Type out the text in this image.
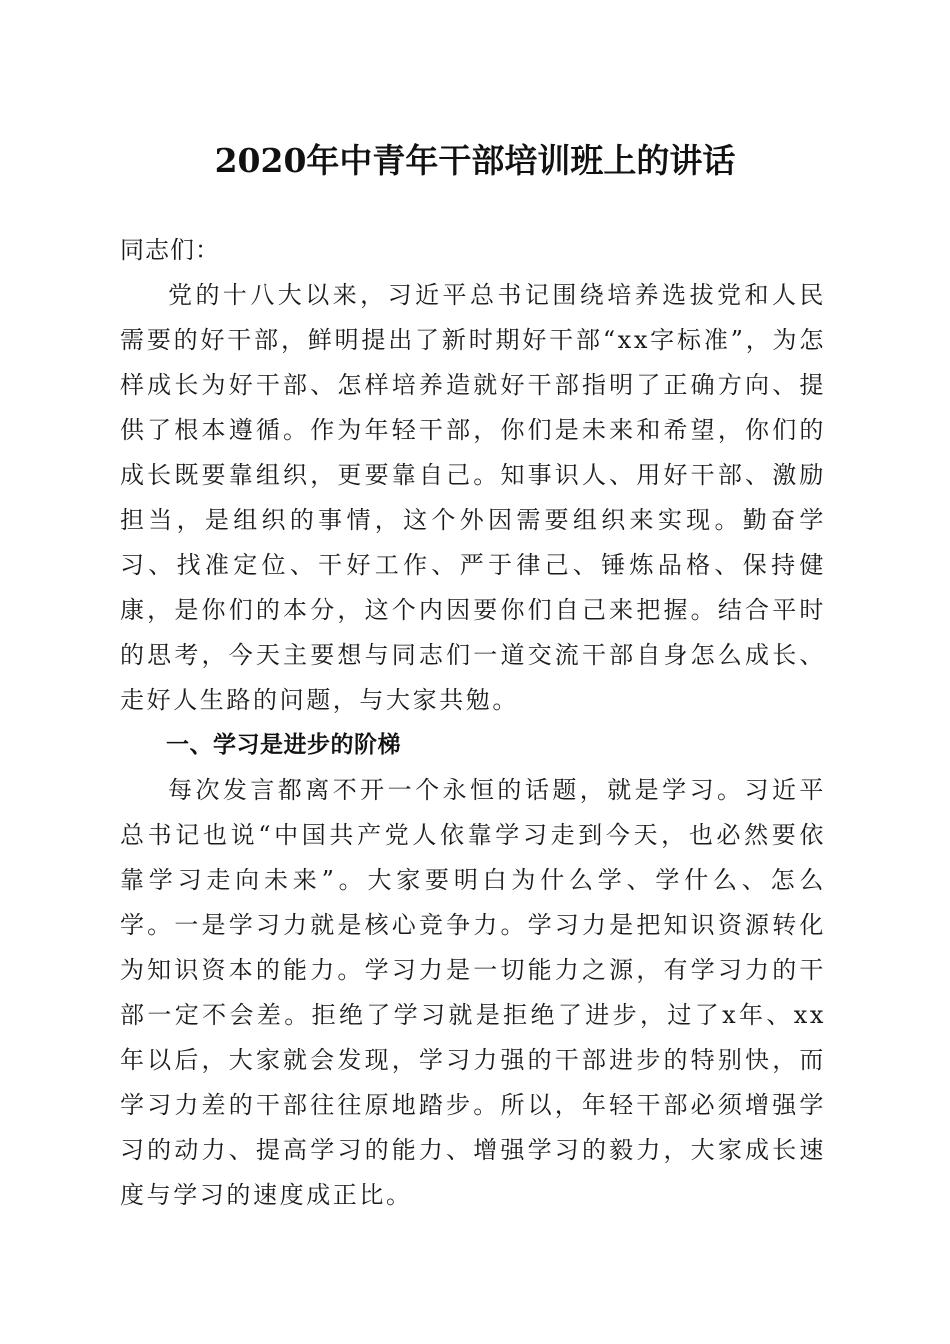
2020年中青年干部培训班上的讲话

同志们：

党的十八大以来，习近平总书记围绕培养选拔党和人民需要的好干部，鲜明提出了新时期好干部“xx字标准”，为怎样成长为好干部、怎样培养造就好干部指明了正确方向、提供了根本遵循。作为年轻干部，你们是未来和希望，你们的成长既要靠组织，更要靠自己。知事识人、用好干部、激励担当，是组织的事情，这个外因需要组织来实现。勤奋学习、找准定位、干好工作、严于律己、锤炼品格、保持健康，是你们的本分，这个内因要你们自己来把握。结合平时的思考，今天主要想与同志们一道交流干部自身怎么成长、走好人生路的问题，与大家共勉。

一、学习是进步的阶梯

每次发言都离不开一个永恒的话题，就是学习。习近平总书记也说“中国共产党人依靠学习走到今天，也必然要依靠学习走向未来”。大家要明白为什么学、学什么、怎么学。一是学习力就是核心竞争力。学习力是把知识资源转化为知识资本的能力。学习力是一切能力之源，有学习力的干部一定不会差。拒绝了学习就是拒绝了进步，过了x年、xx年以后，大家就会发现，学习力强的干部进步的特别快，而学习力差的干部往往原地踏步。所以，年轻干部必须增强学习的动力、提高学习的能力、增强学习的毅力，大家成长速度与学习的速度成正比。
